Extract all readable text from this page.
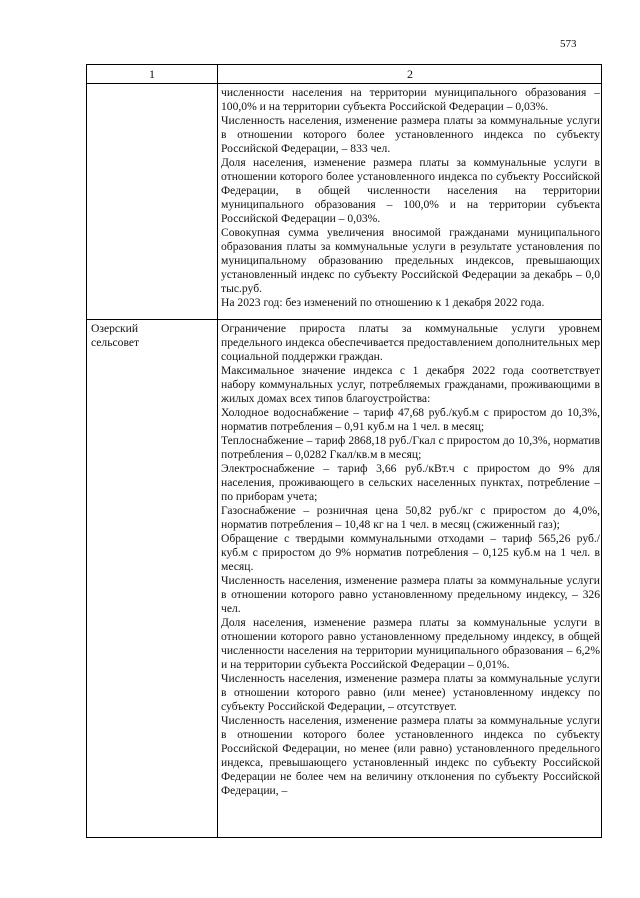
573
1	2

численности населения на территории муниципального образования – 100,0% и на территории субъекта Российской Федерации – 0,03%.

Численность населения, изменение размера платы за коммунальные услуги в отношении которого более установленного индекса по субъекту Российской Федерации, – 833 чел.

Доля населения, изменение размера платы за коммунальные услуги в отношении которого более установленного индекса по субъекту Российской Федерации, в общей численности населения на территории муниципального образования – 100,0% и на территории субъекта Российской Федерации – 0,03%.

Совокупная сумма увеличения вносимой гражданами муниципального образования платы за коммунальные услуги в результате установления по муниципальному образованию предельных индексов, превышающих установленный индекс по субъекту Российской Федерации за декабрь – 0,0 тыс.руб.

На 2023 год: без изменений по отношению к 1 декабря 2022 года.

Озерский
сельсовет

Ограничение прироста платы за коммунальные услуги уровнем предельного индекса обеспечивается предоставлением дополнительных мер социальной поддержки граждан.

Максимальное значение индекса с 1 декабря 2022 года соответствует набору коммунальных услуг, потребляемых гражданами, проживающими в жилых домах всех типов благоустройства:

Холодное водоснабжение – тариф 47,68 руб./куб.м с приростом до 10,3%, норматив потребления – 0,91 куб.м на 1 чел. в месяц;

Теплоснабжение – тариф 2868,18 руб./Гкал с приростом до 10,3%, норматив потребления – 0,0282 Гкал/кв.м в месяц;

Электроснабжение – тариф 3,66 руб./кВт.ч с приростом до 9% для населения, проживающего в сельских населенных пунктах, потребление – по приборам учета;

Газоснабжение – розничная цена 50,82 руб./кг с приростом до 4,0%, норматив потребления – 10,48 кг на 1 чел. в месяц (сжиженный газ);

Обращение с твердыми коммунальными отходами – тариф 565,26 руб./куб.м с приростом до 9% норматив потребления – 0,125 куб.м на 1 чел. в месяц.

Численность населения, изменение размера платы за коммунальные услуги в отношении которого равно установленному предельному индексу, – 326 чел.

Доля населения, изменение размера платы за коммунальные услуги в отношении которого равно установленному предельному индексу, в общей численности населения на территории муниципального образования – 6,2% и на территории субъекта Российской Федерации – 0,01%.

Численность населения, изменение размера платы за коммунальные услуги в отношении которого равно (или менее) установленному индексу по субъекту Российской Федерации, – отсутствует.

Численность населения, изменение размера платы за коммунальные услуги в отношении которого более установленного индекса по субъекту Российской Федерации, но менее (или равно) установленного предельного индекса, превышающего установленный индекс по субъекту Российской Федерации не более чем на величину отклонения по субъекту Российской Федерации, –
